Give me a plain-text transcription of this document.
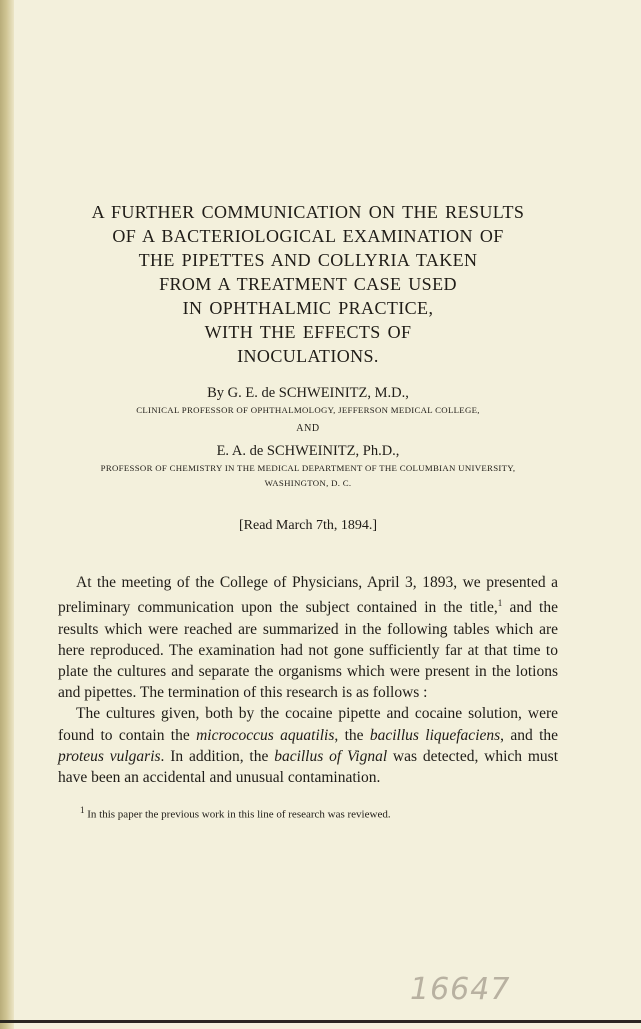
A FURTHER COMMUNICATION ON THE RESULTS
OF A BACTERIOLOGICAL EXAMINATION OF
THE PIPETTES AND COLLYRIA TAKEN
FROM A TREATMENT CASE USED
IN OPHTHALMIC PRACTICE,
WITH THE EFFECTS OF
INOCULATIONS.
By G. E. de SCHWEINITZ, M.D.,
CLINICAL PROFESSOR OF OPHTHALMOLOGY, JEFFERSON MEDICAL COLLEGE,
AND
E. A. de SCHWEINITZ, Ph.D.,
PROFESSOR OF CHEMISTRY IN THE MEDICAL DEPARTMENT OF THE COLUMBIAN UNIVERSITY,
WASHINGTON, D. C.
[Read March 7th, 1894.]

At the meeting of the College of Physicians, April 3, 1893, we presented a preliminary communication upon the subject contained in the title,$^1$ and the results which were reached are summarized in the following tables which are here reproduced. The examination had not gone sufficiently far at that time to plate the cultures and separate the organisms which were present in the lotions and pipettes. The termination of this research is as follows :

The cultures given, both by the cocaine pipette and cocaine solution, were found to contain the micrococcus aquatilis, the bacillus liquefaciens, and the proteus vulgaris. In addition, the bacillus of Vignal was detected, which must have been an accidental and unusual contamination.

$^1$ In this paper the previous work in this line of research was reviewed.
16647
